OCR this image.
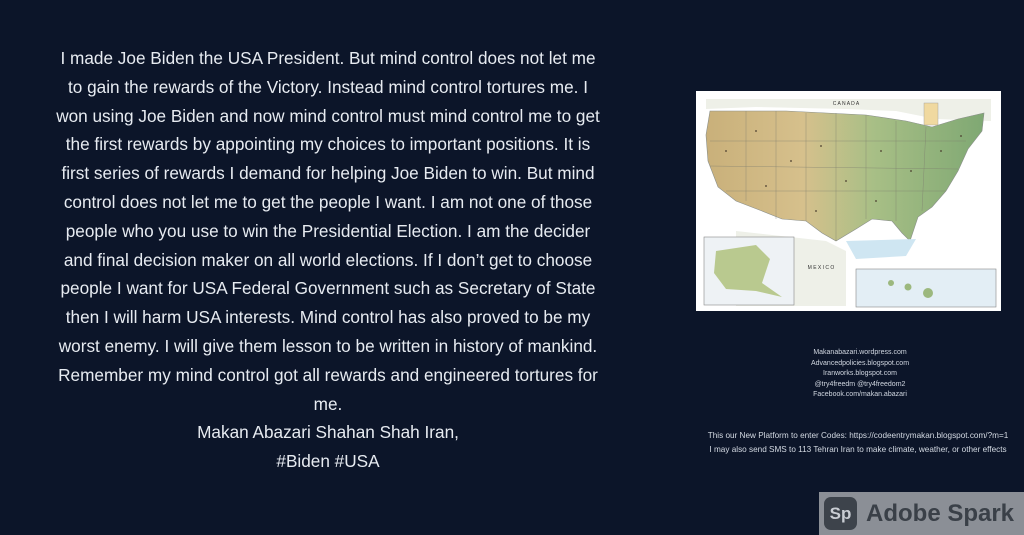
I made Joe Biden the USA President. But mind control does not let me

to gain the rewards of the Victory. Instead mind control tortures me. I

won using Joe Biden and now mind control must mind control me to get

the first rewards by appointing my choices to important positions. It is

first series of rewards I demand for helping Joe Biden to win. But mind

control does not let me to get the people I want. I am not one of those

people who you use to win the Presidential Election. I am the decider

and final decision maker on all world elections. If I don’t get to choose

people I want for USA Federal Government such as Secretary of State

then I will harm USA interests. Mind control has also proved to be my

worst enemy. I will give them lesson to be written in history of mankind.

Remember my mind control got all rewards and engineered tortures for

me.

Makan Abazari Shahan Shah Iran,

#Biden #USA

C A N A D A
M E X I C O
Makanabazari.wordpress.com
Advancedpolicies.blogspot.com
Iranworks.blogspot.com
@try4freedm @try4freedom2
Facebook.com/makan.abazari
This our New Platform to enter Codes: https://codeentrymakan.blogspot.com/?m=1
I may also send SMS to 113 Tehran Iran to make climate, weather, or other effects
Sp Adobe Spark
